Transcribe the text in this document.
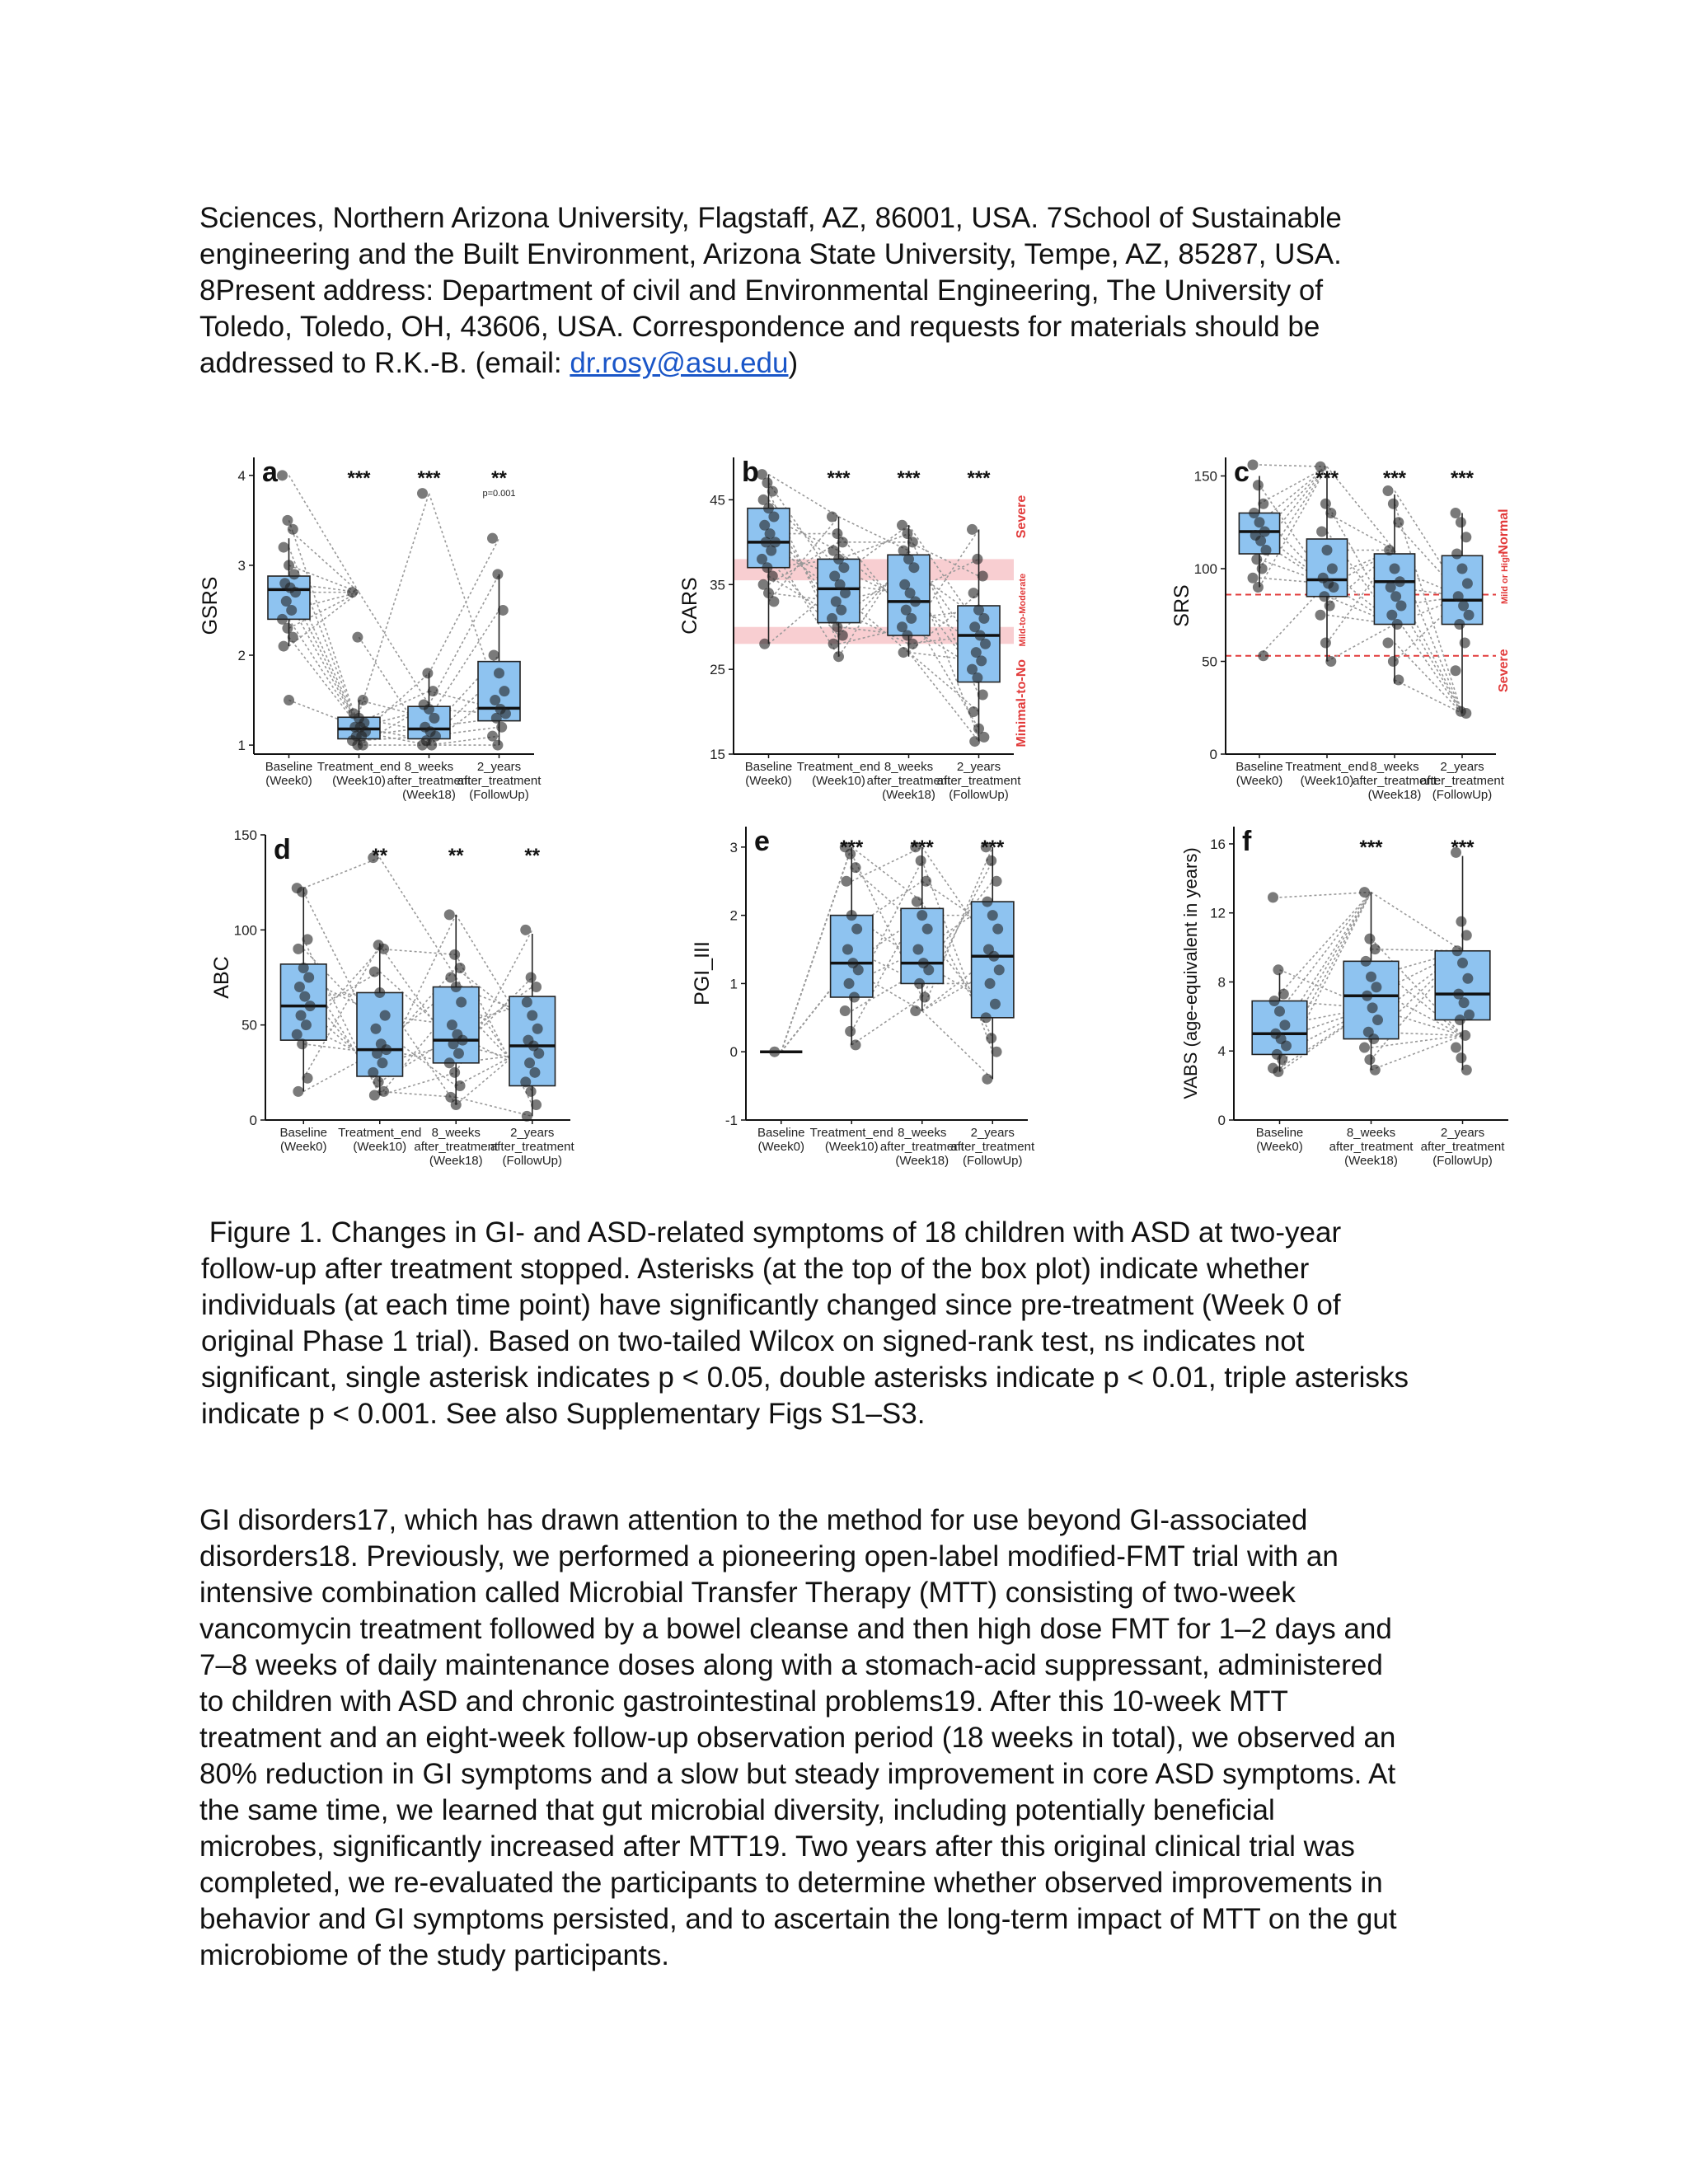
Sciences, Northern Arizona University, Flagstaff, AZ, 86001, USA. 7School of Sustainable
engineering and the Built Environment, Arizona State University, Tempe, AZ, 85287, USA.
8Present address: Department of civil and Environmental Engineering, The University of
Toledo, Toledo, OH, 43606, USA. Correspondence and requests for materials should be
addressed to R.K.-B. (email: dr.rosy@asu.edu)

1
2
3
4
GSRS
Baseline
(Week0)
Treatment_end
(Week10)
8_weeks
after_treatment
(Week18)
2_years
after_treatment
(FollowUp)
a	*** ***	**
p=0.001
Severe
Mild-to-Moderate
Minimal-to-No
15
25
35
45
CARS
Baseline
(Week0)
Treatment_end
(Week10)
8_weeks
after_treatment
(Week18)
2_years
after_treatment
(FollowUp)
b	*** *** ***
Normal
Mild or High
Severe
0
50
100
150
SRS
Baseline
(Week0)
Treatment_end
(Week10)
8_weeks
after_treatment
(Week18)
2_years
after_treatment
(FollowUp)
c	*** *** ***
0
50
100
150
ABC
Baseline
(Week0)
Treatment_end
(Week10)
8_weeks
after_treatment
(Week18)
2_years
after_treatment
(FollowUp)
d	**	**	**
-1
0
1
2
3
PGI_III
Baseline
(Week0)
Treatment_end
(Week10)
8_weeks
after_treatment
(Week18)
2_years
after_treatment
(FollowUp)
e	*** *** ***
0
4
8
12
16
VABS (age-equivalent in years)
Baseline
(Week0)
8_weeks
after_treatment
(Week18)
2_years
after_treatment
(FollowUp)
f	***	***

Figure 1. Changes in GI- and ASD-related symptoms of 18 children with ASD at two-year
follow-up after treatment stopped. Asterisks (at the top of the box plot) indicate whether
individuals (at each time point) have significantly changed since pre-treatment (Week 0 of
original Phase 1 trial). Based on two-tailed Wilcox on signed-rank test, ns indicates not
significant, single asterisk indicates p < 0.05, double asterisks indicate p < 0.01, triple asterisks
indicate p < 0.001. See also Supplementary Figs S1–S3.

GI disorders17, which has drawn attention to the method for use beyond GI-associated
disorders18. Previously, we performed a pioneering open-label modified-FMT trial with an
intensive combination called Microbial Transfer Therapy (MTT) consisting of two-week
vancomycin treatment followed by a bowel cleanse and then high dose FMT for 1–2 days and
7–8 weeks of daily maintenance doses along with a stomach-acid suppressant, administered
to children with ASD and chronic gastrointestinal problems19. After this 10-week MTT
treatment and an eight-week follow-up observation period (18 weeks in total), we observed an
80% reduction in GI symptoms and a slow but steady improvement in core ASD symptoms. At
the same time, we learned that gut microbial diversity, including potentially beneficial
microbes, significantly increased after MTT19. Two years after this original clinical trial was
completed, we re-evaluated the participants to determine whether observed improvements in
behavior and GI symptoms persisted, and to ascertain the long-term impact of MTT on the gut
microbiome of the study participants.
